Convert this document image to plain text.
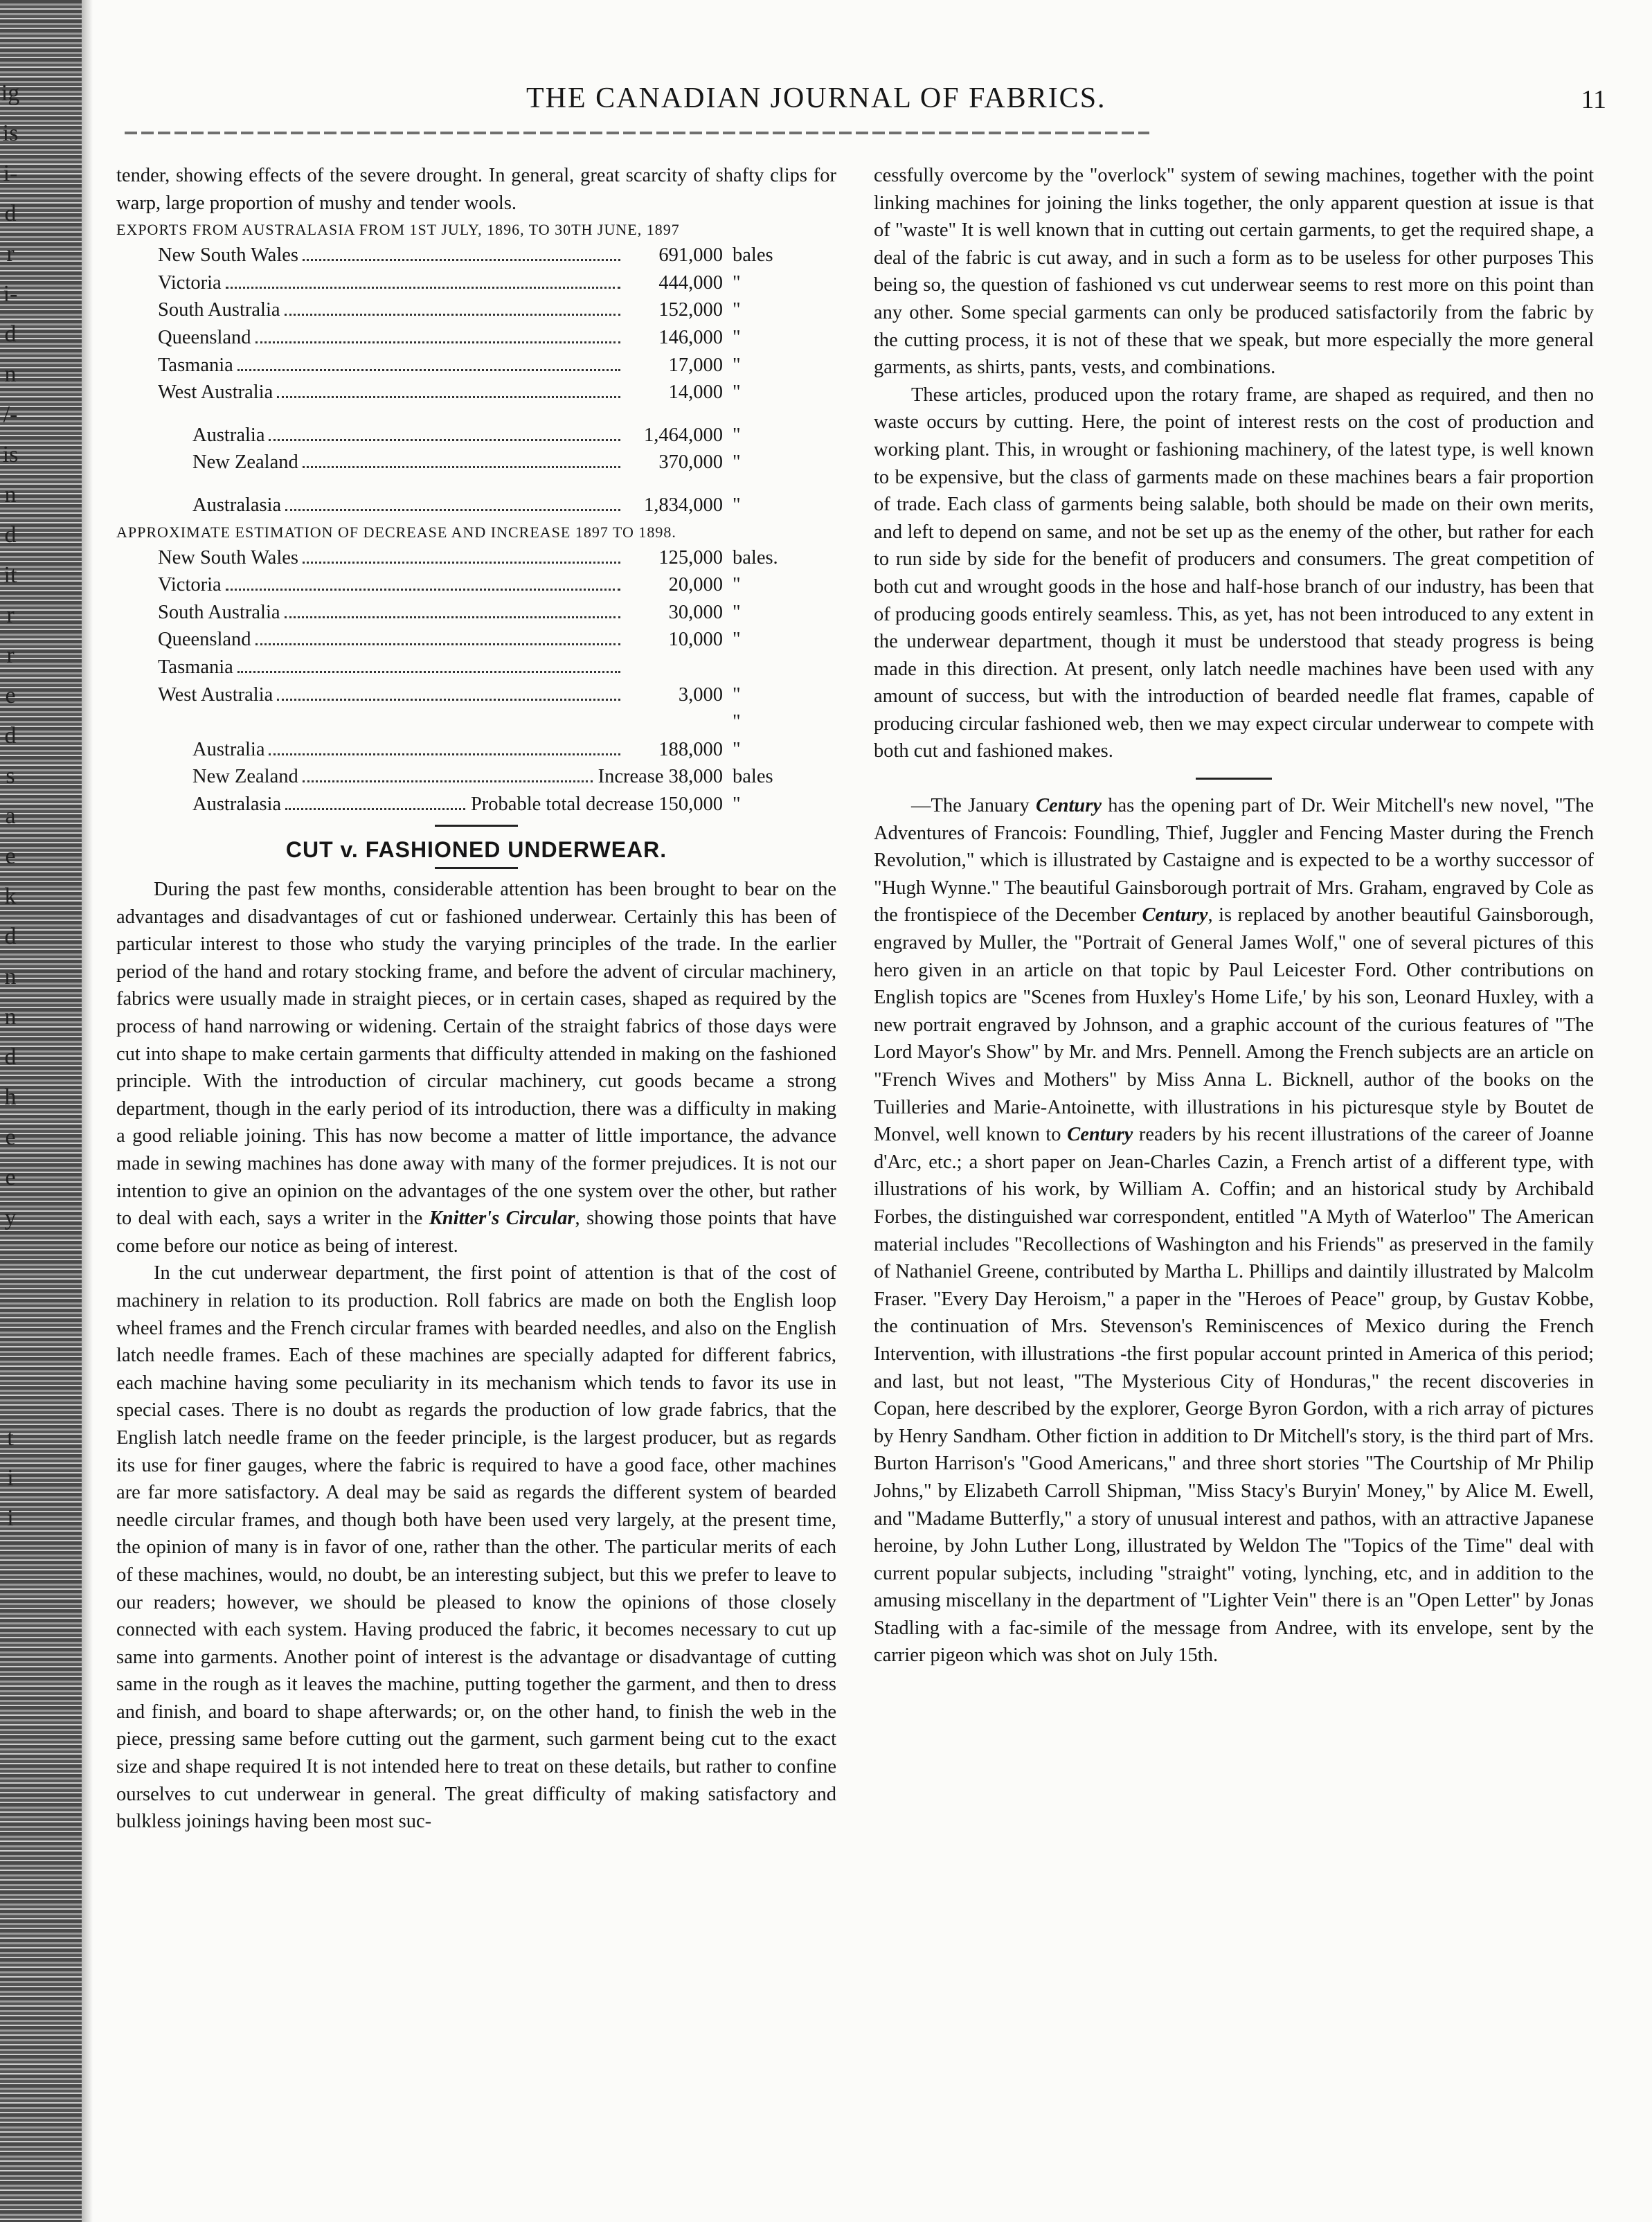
ig
is
i-
d
r
i-
d
n
/-
is
n
d
it
r
r
e
d
s
a
e
k
d
n
n
d
h
e
e
y
t
i
i
THE CANADIAN JOURNAL OF FABRICS.	11

tender, showing effects of the severe drought. In general, great scarcity of shafty clips for warp, large proportion of mushy and tender wools.

EXPORTS FROM AUSTRALASIA FROM 1ST JULY, 1896, TO 30TH JUNE, 1897
New South Wales	691,000 bales
Victoria	444,000 "
South Australia	152,000 "
Queensland	146,000 "
Tasmania	17,000 "
West Australia	14,000 "
Australia	1,464,000 "
New Zealand	370,000 "
Australasia	1,834,000 "
APPROXIMATE ESTIMATION OF DECREASE AND INCREASE 1897 TO 1898.
New South Wales	125,000 bales.
Victoria	20,000 "
South Australia	30,000 "
Queensland	10,000 "
Tasmania
West Australia	3,000 "
"
Australia	188,000 "
New Zealand	Increase 38,000 bales
Australasia	Probable total decrease 150,000 "
CUT v. FASHIONED UNDERWEAR.

During the past few months, considerable attention has been brought to bear on the advantages and disadvantages of cut or fashioned underwear. Certainly this has been of particular interest to those who study the varying principles of the trade. In the earlier period of the hand and rotary stocking frame, and before the advent of circular machinery, fabrics were usually made in straight pieces, or in certain cases, shaped as required by the process of hand narrowing or widening. Certain of the straight fabrics of those days were cut into shape to make certain garments that difficulty attended in making on the fashioned principle. With the introduction of circular machinery, cut goods became a strong department, though in the early period of its introduction, there was a difficulty in making a good reliable joining. This has now become a matter of little importance, the advance made in sewing machines has done away with many of the former prejudices. It is not our intention to give an opinion on the advantages of the one system over the other, but rather to deal with each, says a writer in the Knitter's Circular, showing those points that have come before our notice as being of interest.

In the cut underwear department, the first point of attention is that of the cost of machinery in relation to its production. Roll fabrics are made on both the English loop wheel frames and the French circular frames with bearded needles, and also on the English latch needle frames. Each of these machines are specially adapted for different fabrics, each machine having some peculiarity in its mechanism which tends to favor its use in special cases. There is no doubt as regards the production of low grade fabrics, that the English latch needle frame on the feeder principle, is the largest producer, but as regards its use for finer gauges, where the fabric is required to have a good face, other machines are far more satisfactory. A deal may be said as regards the different system of bearded needle circular frames, and though both have been used very largely, at the present time, the opinion of many is in favor of one, rather than the other. The particular merits of each of these machines, would, no doubt, be an interesting subject, but this we prefer to leave to our readers; however, we should be pleased to know the opinions of those closely connected with each system. Having produced the fabric, it becomes necessary to cut up same into garments. Another point of interest is the advantage or disadvantage of cutting same in the rough as it leaves the machine, putting together the garment, and then to dress and finish, and board to shape afterwards; or, on the other hand, to finish the web in the piece, pressing same before cutting out the garment, such garment being cut to the exact size and shape required It is not intended here to treat on these details, but rather to confine ourselves to cut underwear in general. The great difficulty of making satisfactory and bulkless joinings having been most suc-

cessfully overcome by the "overlock" system of sewing machines, together with the point linking machines for joining the links together, the only apparent question at issue is that of "waste" It is well known that in cutting out certain garments, to get the required shape, a deal of the fabric is cut away, and in such a form as to be useless for other purposes This being so, the question of fashioned vs cut underwear seems to rest more on this point than any other. Some special garments can only be produced satisfactorily from the fabric by the cutting process, it is not of these that we speak, but more especially the more general garments, as shirts, pants, vests, and combinations.

These articles, produced upon the rotary frame, are shaped as required, and then no waste occurs by cutting. Here, the point of interest rests on the cost of production and working plant. This, in wrought or fashioning machinery, of the latest type, is well known to be expensive, but the class of garments made on these machines bears a fair proportion of trade. Each class of garments being salable, both should be made on their own merits, and left to depend on same, and not be set up as the enemy of the other, but rather for each to run side by side for the benefit of producers and consumers. The great competition of both cut and wrought goods in the hose and half-hose branch of our industry, has been that of producing goods entirely seamless. This, as yet, has not been introduced to any extent in the underwear department, though it must be understood that steady progress is being made in this direction. At present, only latch needle machines have been used with any amount of success, but with the introduction of bearded needle flat frames, capable of producing circular fashioned web, then we may expect circular underwear to compete with both cut and fashioned makes.

—The January Century has the opening part of Dr. Weir Mitchell's new novel, "The Adventures of Francois: Foundling, Thief, Juggler and Fencing Master during the French Revolution," which is illustrated by Castaigne and is expected to be a worthy successor of "Hugh Wynne." The beautiful Gainsborough portrait of Mrs. Graham, engraved by Cole as the frontispiece of the December Century, is replaced by another beautiful Gainsborough, engraved by Muller, the "Portrait of General James Wolf," one of several pictures of this hero given in an article on that topic by Paul Leicester Ford. Other contributions on English topics are "Scenes from Huxley's Home Life,' by his son, Leonard Huxley, with a new portrait engraved by Johnson, and a graphic account of the curious features of "The Lord Mayor's Show" by Mr. and Mrs. Pennell. Among the French subjects are an article on "French Wives and Mothers" by Miss Anna L. Bicknell, author of the books on the Tuilleries and Marie-Antoinette, with illustrations in his picturesque style by Boutet de Monvel, well known to Century readers by his recent illustrations of the career of Joanne d'Arc, etc.; a short paper on Jean-Charles Cazin, a French artist of a different type, with illustrations of his work, by William A. Coffin; and an historical study by Archibald Forbes, the distinguished war correspondent, entitled "A Myth of Waterloo" The American material includes "Recollections of Washington and his Friends" as preserved in the family of Nathaniel Greene, contributed by Martha L. Phillips and daintily illustrated by Malcolm Fraser. "Every Day Heroism," a paper in the "Heroes of Peace" group, by Gustav Kobbe, the continuation of Mrs. Stevenson's Reminiscences of Mexico during the French Intervention, with illustrations -the first popular account printed in America of this period; and last, but not least, "The Mysterious City of Honduras," the recent discoveries in Copan, here described by the explorer, George Byron Gordon, with a rich array of pictures by Henry Sandham. Other fiction in addition to Dr Mitchell's story, is the third part of Mrs. Burton Harrison's "Good Americans," and three short stories "The Courtship of Mr Philip Johns," by Elizabeth Carroll Shipman, "Miss Stacy's Buryin' Money," by Alice M. Ewell, and "Madame Butterfly," a story of unusual interest and pathos, with an attractive Japanese heroine, by John Luther Long, illustrated by Weldon The "Topics of the Time" deal with current popular subjects, including "straight" voting, lynching, etc, and in addition to the amusing miscellany in the department of "Lighter Vein" there is an "Open Letter" by Jonas Stadling with a fac-simile of the message from Andree, with its envelope, sent by the carrier pigeon which was shot on July 15th.
